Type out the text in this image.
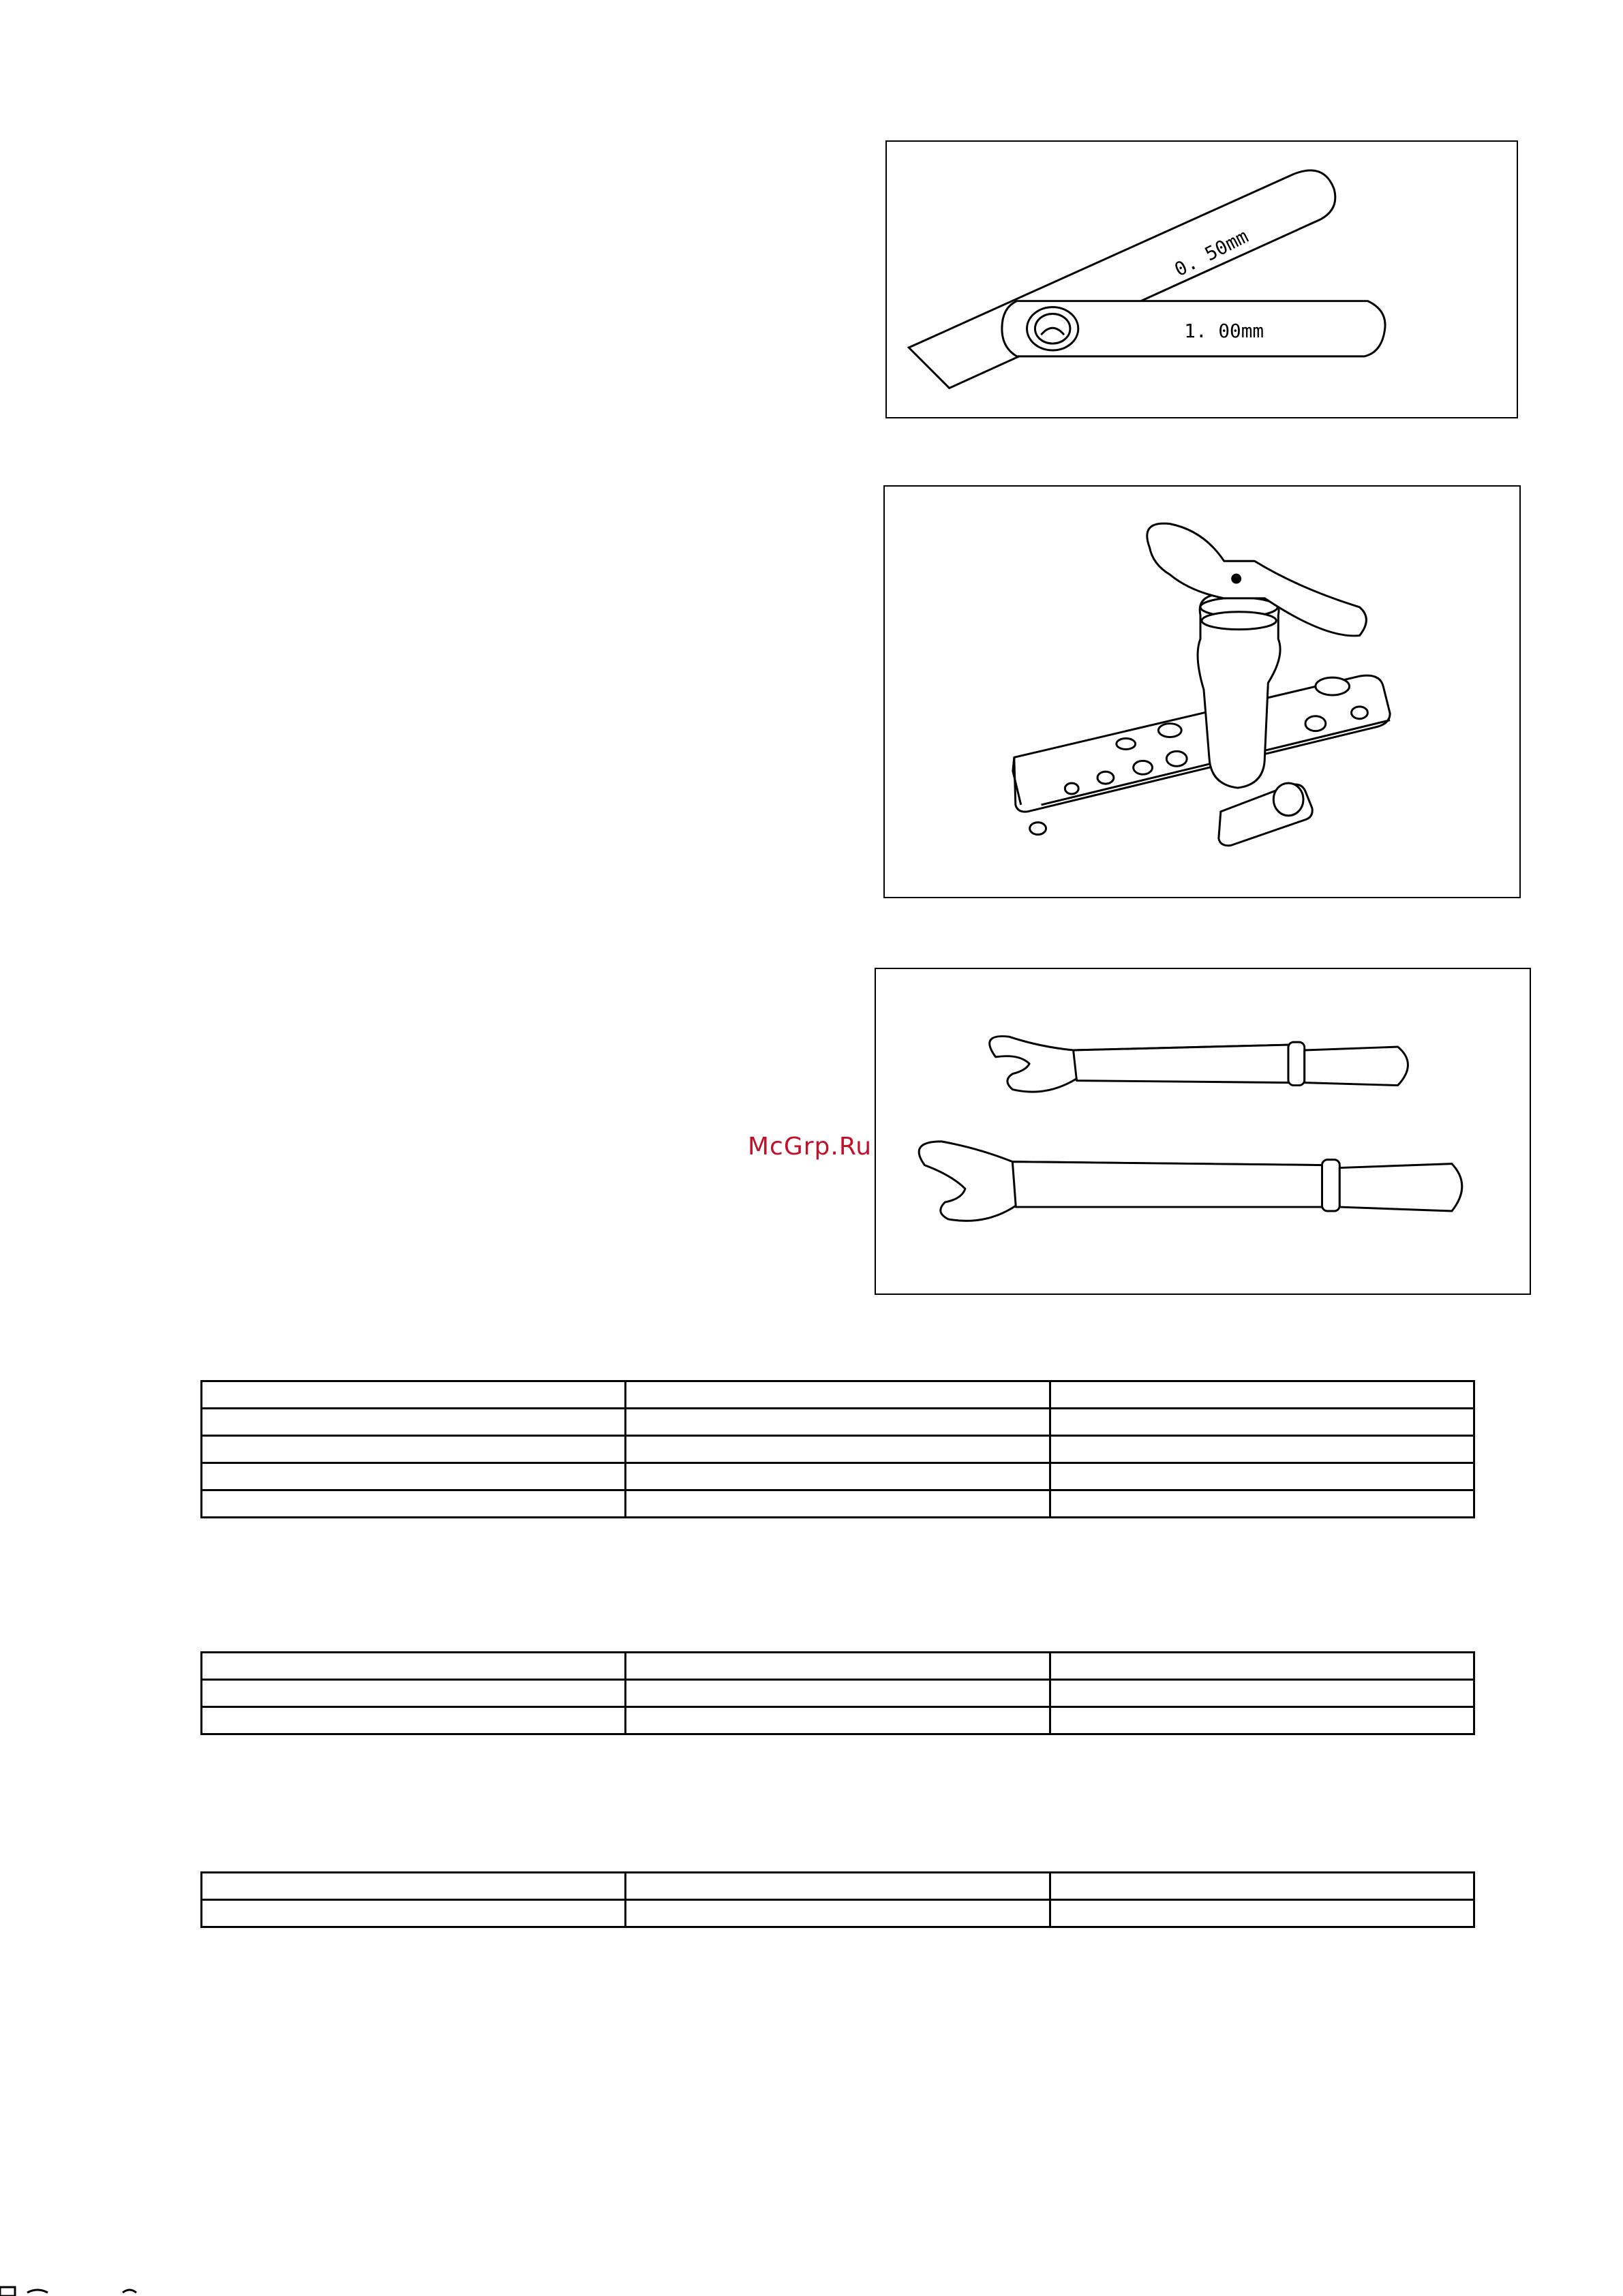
0. 50mm
1. 00mm
McGrp.Ru
